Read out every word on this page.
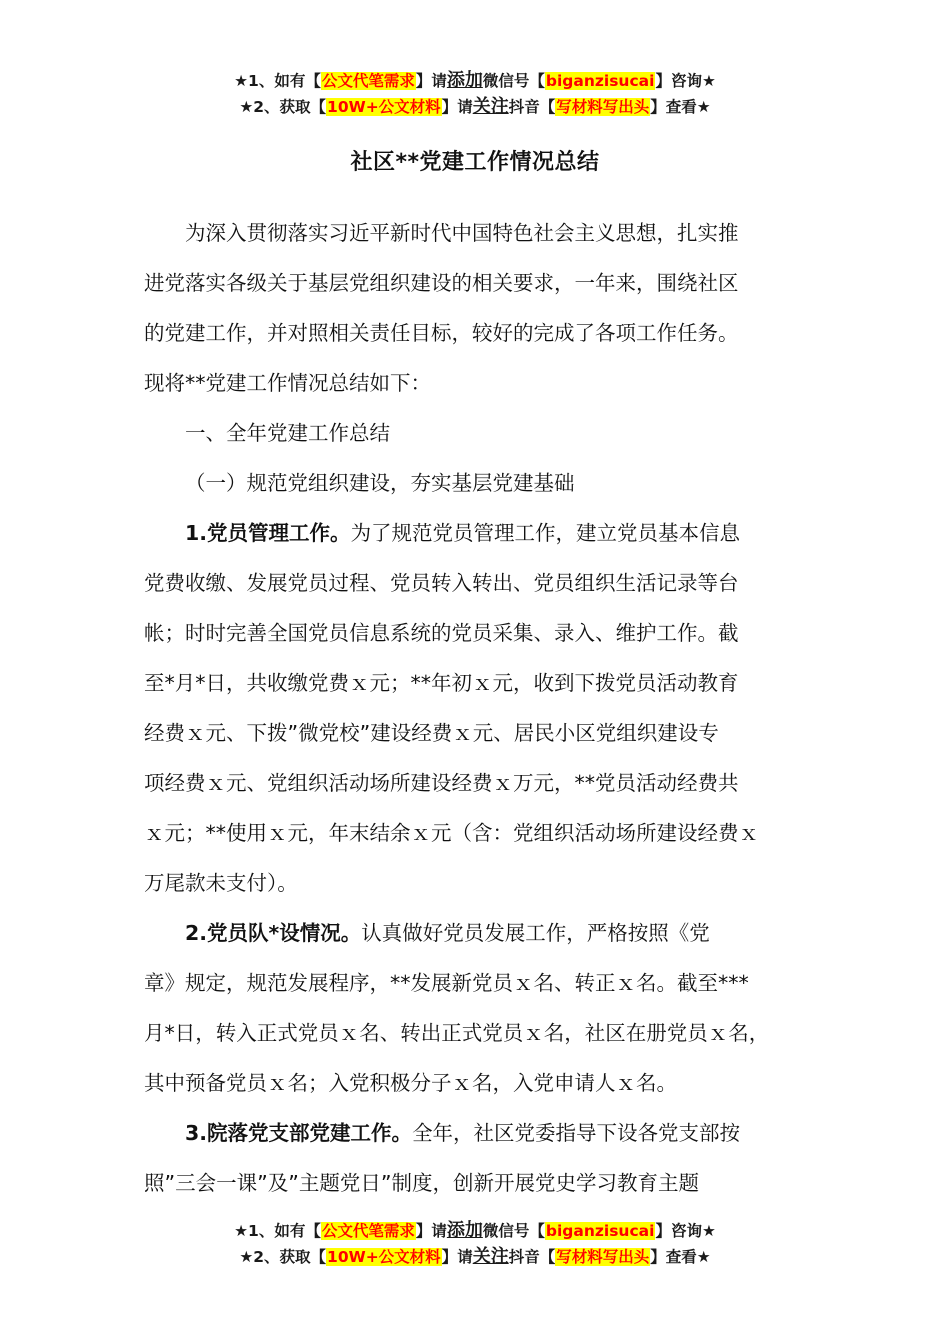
★1、如有【公文代笔需求】请添加微信号【biganzisucai】咨询★
★2、获取【10W+公文材料】请关注抖音【写材料写出头】查看★
社区**党建工作情况总结

为深入贯彻落实习近平新时代中国特色社会主义思想，扎实推
进党落实各级关于基层党组织建设的相关要求，一年来，围绕社区
的党建工作，并对照相关责任目标，较好的完成了各项工作任务。
现将**党建工作情况总结如下：

一、全年党建工作总结

（一）规范党组织建设，夯实基层党建基础

1.党员管理工作。为了规范党员管理工作，建立党员基本信息
党费收缴、发展党员过程、党员转入转出、党员组织生活记录等台
帐；时时完善全国党员信息系统的党员采集、录入、维护工作。截
至*月*日，共收缴党费ｘ元；**年初ｘ元，收到下拨党员活动教育
经费ｘ元、下拨”微党校”建设经费ｘ元、居民小区党组织建设专
项经费ｘ元、党组织活动场所建设经费ｘ万元，**党员活动经费共
ｘ元；**使用ｘ元，年末结余ｘ元（含：党组织活动场所建设经费ｘ
万尾款未支付）。

2.党员队*设情况。认真做好党员发展工作，严格按照《党
章》规定，规范发展程序，**发展新党员ｘ名、转正ｘ名。截至***
月*日，转入正式党员ｘ名、转出正式党员ｘ名，社区在册党员ｘ名，
其中预备党员ｘ名；入党积极分子ｘ名，入党申请人ｘ名。

3.院落党支部党建工作。全年，社区党委指导下设各党支部按
照”三会一课”及”主题党日”制度，创新开展党史学习教育主题

★1、如有【公文代笔需求】请添加微信号【biganzisucai】咨询★
★2、获取【10W+公文材料】请关注抖音【写材料写出头】查看★
